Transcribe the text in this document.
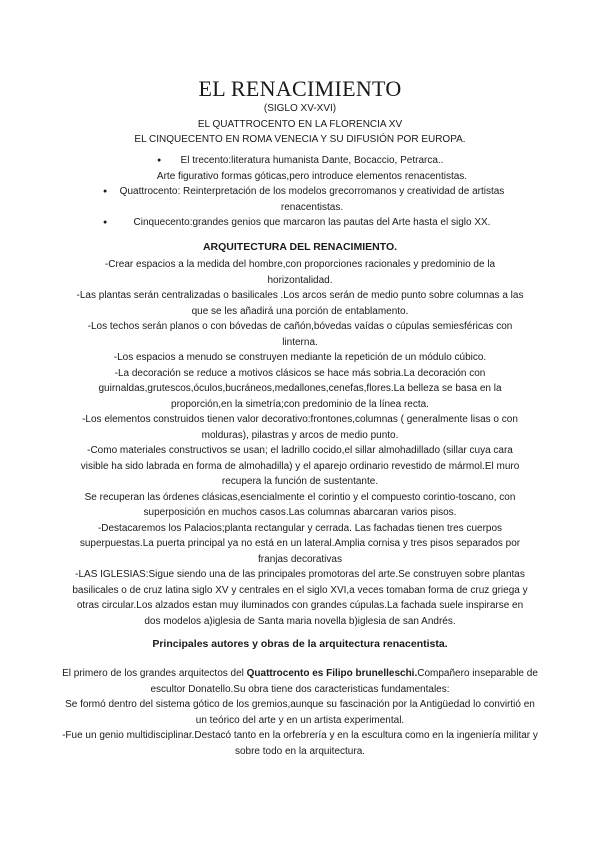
EL RENACIMIENTO
(SIGLO XV-XVI)
EL QUATTROCENTO EN LA FLORENCIA XV
EL CINQUECENTO EN ROMA VENECIA Y SU DIFUSIÓN POR EUROPA.
● El trecento:literatura humanista Dante, Bocaccio, Petrarca..
Arte figurativo formas góticas,pero introduce elementos renacentistas.
● Quattrocento: Reinterpretación de los modelos grecorromanos y creatividad de artistas renacentistas.
● Cinquecento:grandes genios que marcaron las pautas del Arte hasta el siglo XX.
ARQUITECTURA DEL RENACIMIENTO.

-Crear espacios a la medida del hombre,con proporciones racionales y predominio de la horizontalidad.

-Las plantas serán centralizadas o basilicales .Los arcos serán de medio punto sobre columnas a las que se les añadirá una porción de entablamento.

-Los techos serán planos o con bóvedas de cañón,bóvedas vaídas o cúpulas semiesféricas con linterna.

-Los espacios a menudo se construyen mediante la repetición de un módulo cúbico.

-La decoración se reduce a motivos clásicos se hace más sobria.La decoración con guirnaldas,grutescos,óculos,bucráneos,medallones,cenefas,flores.La belleza se basa en la proporción,en la simetría;con predominio de la línea recta.

-Los elementos construidos tienen valor decorativo:frontones,columnas ( generalmente lisas o con molduras), pilastras y arcos de medio punto.

-Como materiales constructivos se usan; el ladrillo cocido,el sillar almohadillado (sillar cuya cara visible ha sido labrada en forma de almohadilla) y el aparejo ordinario revestido de mármol.El muro recupera la función de sustentante.

Se recuperan las órdenes clásicas,esencialmente el corintio y el compuesto corintio-toscano, con superposición en muchos casos.Las columnas abarcaran varios pisos.

-Destacaremos los Palacios;planta rectangular y cerrada. Las fachadas tienen tres cuerpos superpuestas.La puerta principal ya no está en un lateral.Amplia cornisa y tres pisos separados por franjas decorativas

-LAS IGLESIAS:Sigue siendo una de las principales promotoras del arte.Se construyen sobre plantas basilicales o de cruz latina siglo XV y centrales en el siglo XVI,a veces tomaban forma de cruz griega y otras circular.Los alzados estan muy iluminados con grandes cúpulas.La fachada suele inspirarse en dos modelos a)iglesia de Santa maria novella b)iglesia de san Andrés.

Principales autores y obras de la arquitectura renacentista.

El primero de los grandes arquitectos del Quattrocento es Filipo brunelleschi.Compañero inseparable de escultor Donatello.Su obra tiene dos caracteristicas fundamentales:

Se formó dentro del sistema gótico de los gremios,aunque su fascinación por la Antigüedad lo convirtió en un teórico del arte y en un artista experimental.

-Fue un genio multidisciplinar.Destacó tanto en la orfebrería y en la escultura como en la ingeniería militar y sobre todo en la arquitectura.
